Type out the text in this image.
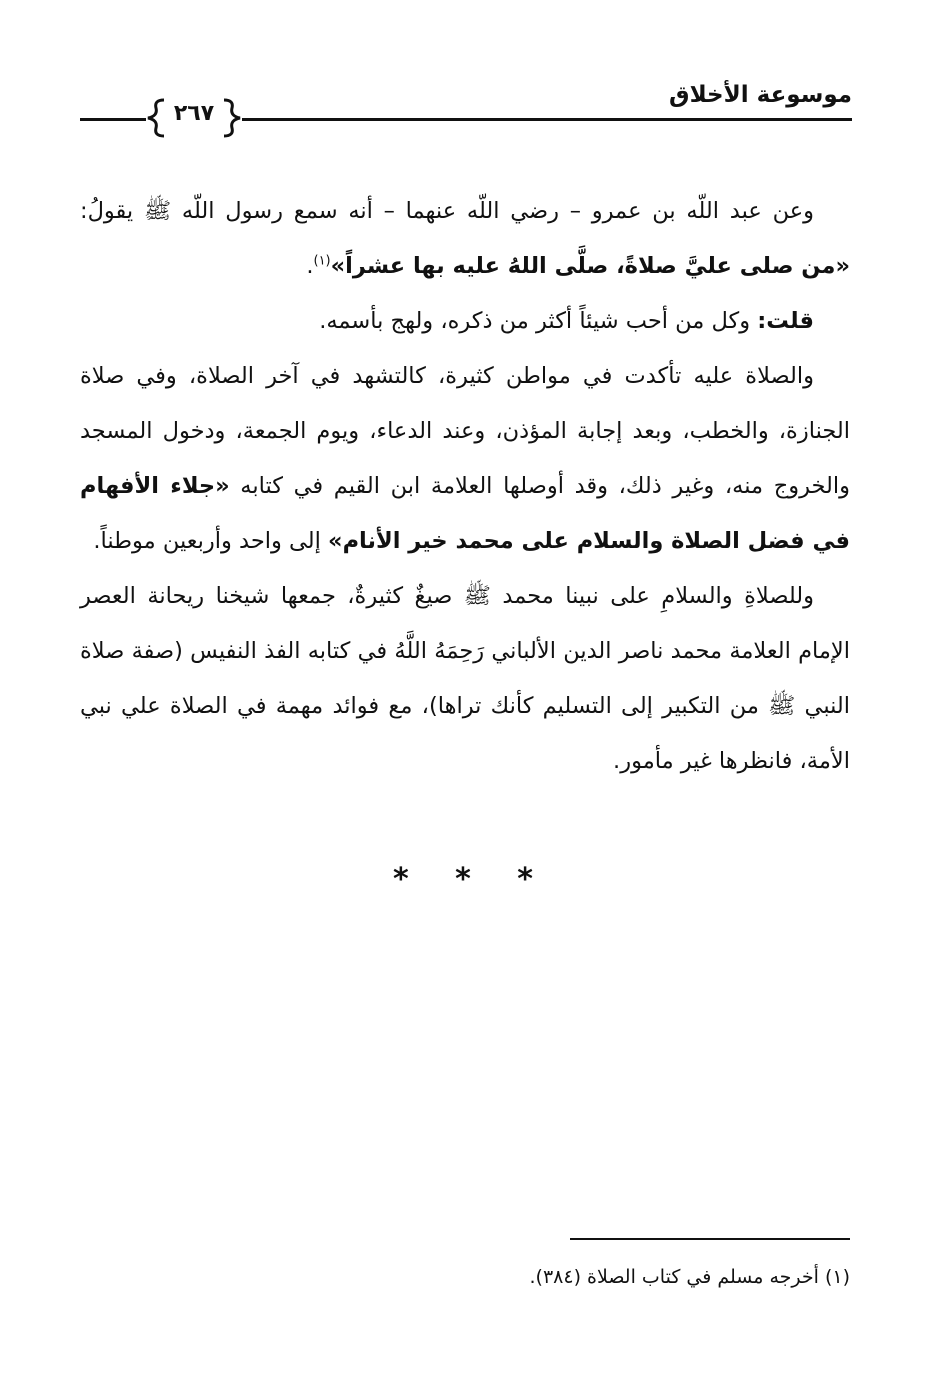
٢٦٧
موسوعة الأخلاق

وعن عبد اللّه بن عمرو – رضي اللّه عنهما – أنه سمع رسول اللّه ﷺ يقولُ: «من صلى عليَّ صلاةً، صلَّى اللهُ عليه بها عشراً»$^{(١)}$.

قلت: وكل من أحب شيئاً أكثر من ذكره، ولهج بأسمه.

والصلاة عليه تأكدت في مواطن كثيرة، كالتشهد في آخر الصلاة، وفي صلاة الجنازة، والخطب، وبعد إجابة المؤذن، وعند الدعاء، ويوم الجمعة، ودخول المسجد والخروج منه، وغير ذلك، وقد أوصلها العلامة ابن القيم في كتابه «جلاء الأفهام في فضل الصلاة والسلام على محمد خير الأنام» إلى واحد وأربعين موطناً.

وللصلاةِ والسلامِ على نبينا محمد ﷺ صيغٌ كثيرةٌ، جمعها شيخنا ريحانة العصر الإمام العلامة محمد ناصر الدين الألباني رَحِمَهُ اللَّهُ في كتابه الفذ النفيس (صفة صلاة النبي ﷺ من التكبير إلى التسليم كأنك تراها)، مع فوائد مهمة في الصلاة علي نبي الأمة، فانظرها غير مأمور.

* * *
(١) أخرجه مسلم في كتاب الصلاة (٣٨٤).
